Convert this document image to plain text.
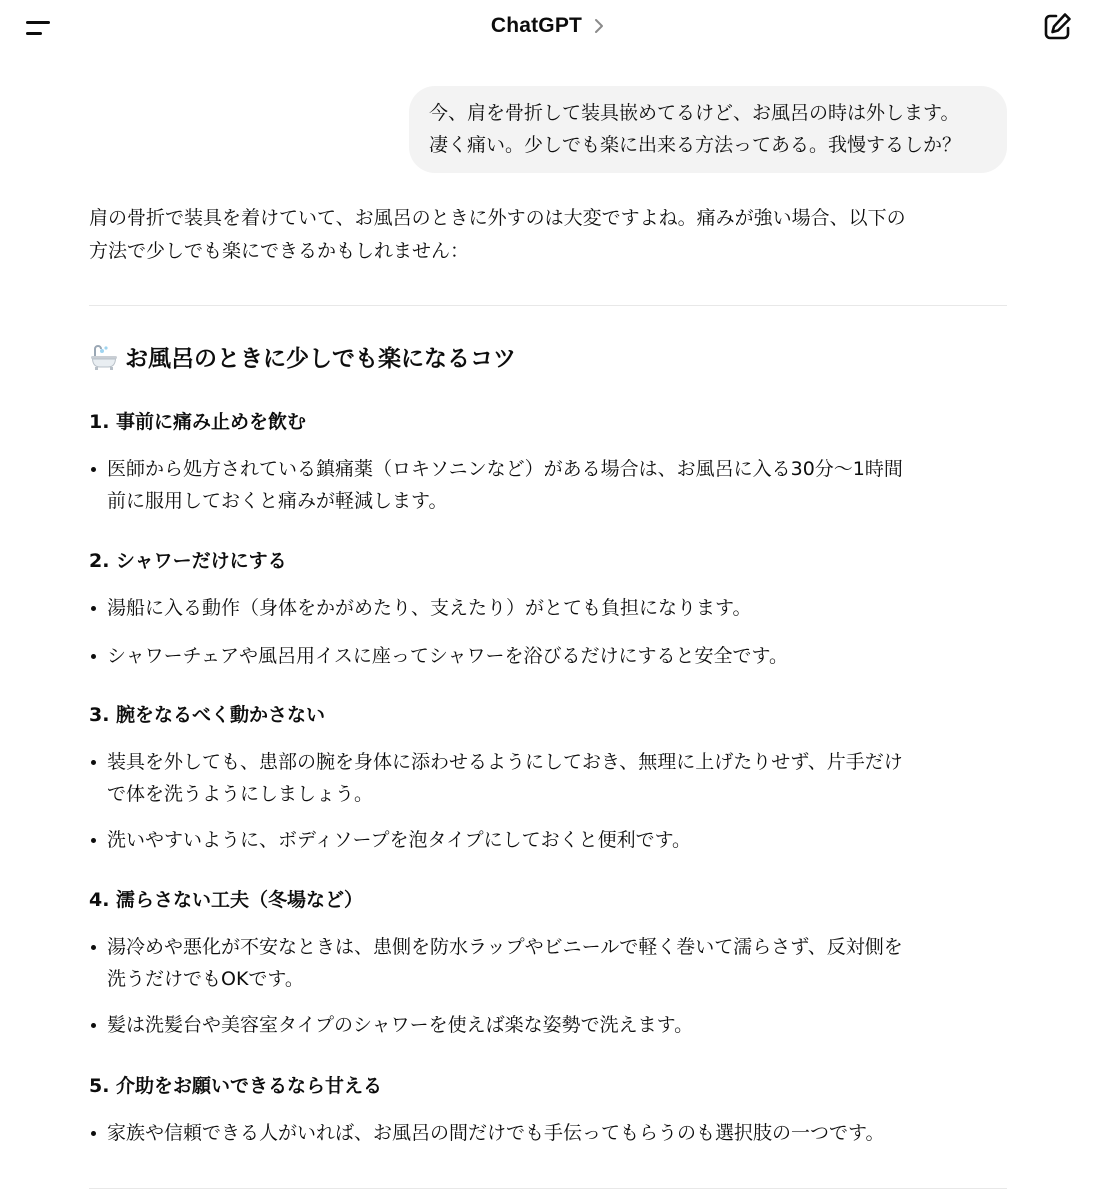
ChatGPT
今、肩を骨折して装具嵌めてるけど、お風呂の時は外します。
凄く痛い。少しでも楽に出来る方法ってある。我慢するしか？
肩の骨折で装具を着けていて、お風呂のときに外すのは大変ですよね。痛みが強い場合、以下の
方法で少しでも楽にできるかもしれません：
お風呂のときに少しでも楽になるコツ
1. 事前に痛み止めを飲む
医師から処方されている鎮痛薬（ロキソニンなど）がある場合は、お風呂に入る30分〜1時間
前に服用しておくと痛みが軽減します。
2. シャワーだけにする
湯船に入る動作（身体をかがめたり、支えたり）がとても負担になります。
シャワーチェアや風呂用イスに座ってシャワーを浴びるだけにすると安全です。
3. 腕をなるべく動かさない
装具を外しても、患部の腕を身体に添わせるようにしておき、無理に上げたりせず、片手だけ
で体を洗うようにしましょう。
洗いやすいように、ボディソープを泡タイプにしておくと便利です。
4. 濡らさない工夫（冬場など）
湯冷めや悪化が不安なときは、患側を防水ラップやビニールで軽く巻いて濡らさず、反対側を
洗うだけでもOKです。
髪は洗髪台や美容室タイプのシャワーを使えば楽な姿勢で洗えます。
5. 介助をお願いできるなら甘える
家族や信頼できる人がいれば、お風呂の間だけでも手伝ってもらうのも選択肢の一つです。
